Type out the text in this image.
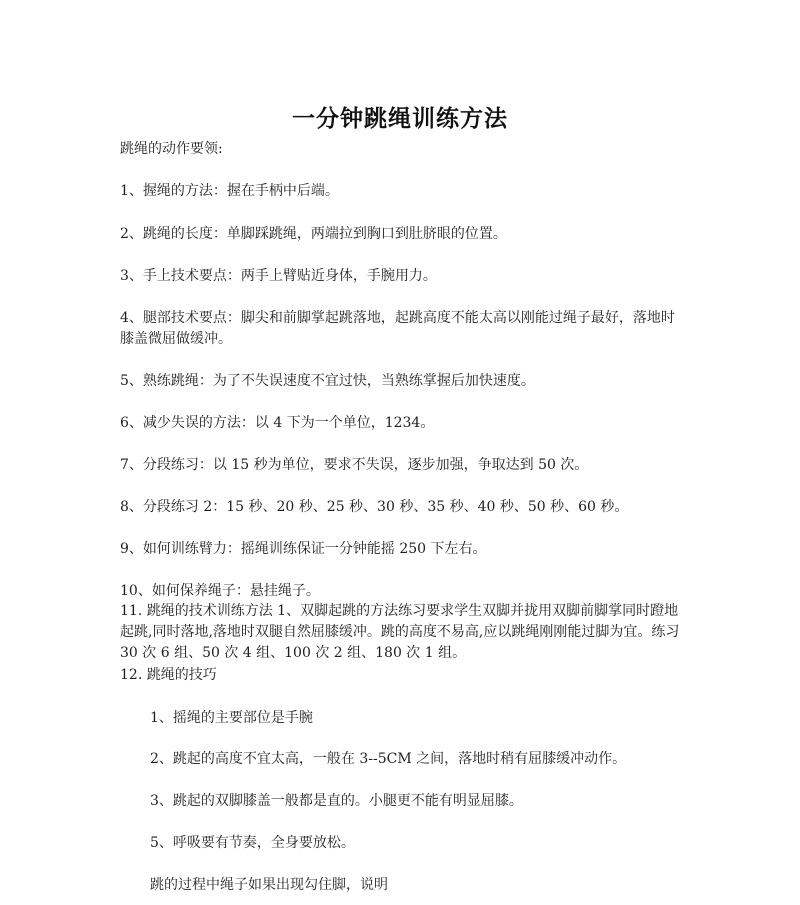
一分钟跳绳训练方法
跳绳的动作要领:
1、握绳的方法：握在手柄中后端。
2、跳绳的长度：单脚踩跳绳，两端拉到胸口到肚脐眼的位置。
3、手上技术要点：两手上臂贴近身体，手腕用力。
4、腿部技术要点：脚尖和前脚掌起跳落地，起跳高度不能太高以刚能过绳子最好，落地时膝盖微屈做缓冲。
5、熟练跳绳：为了不失误速度不宜过快，当熟练掌握后加快速度。
6、减少失误的方法：以 4 下为一个单位，1234。
7、分段练习：以 15 秒为单位，要求不失误，逐步加强，争取达到 50 次。
8、分段练习 2：15 秒、20 秒、25 秒、30 秒、35 秒、40 秒、50 秒、60 秒。
9、如何训练臂力：摇绳训练保证一分钟能摇 250 下左右。
10、如何保养绳子：悬挂绳子。
11. 跳绳的技术训练方法 1、双脚起跳的方法练习要求学生双脚并拢用双脚前脚掌同时蹬地起跳,同时落地,落地时双腿自然屈膝缓冲。跳的高度不易高,应以跳绳刚刚能过脚为宜。练习 30 次 6 组、50 次 4 组、100 次 2 组、180 次 1 组。
12. 跳绳的技巧
1、摇绳的主要部位是手腕
2、跳起的高度不宜太高，一般在 3--5CM 之间，落地时稍有屈膝缓冲动作。
3、跳起的双脚膝盖一般都是直的。小腿更不能有明显屈膝。
5、呼吸要有节奏，全身要放松。
跳的过程中绳子如果出现勾住脚，说明
